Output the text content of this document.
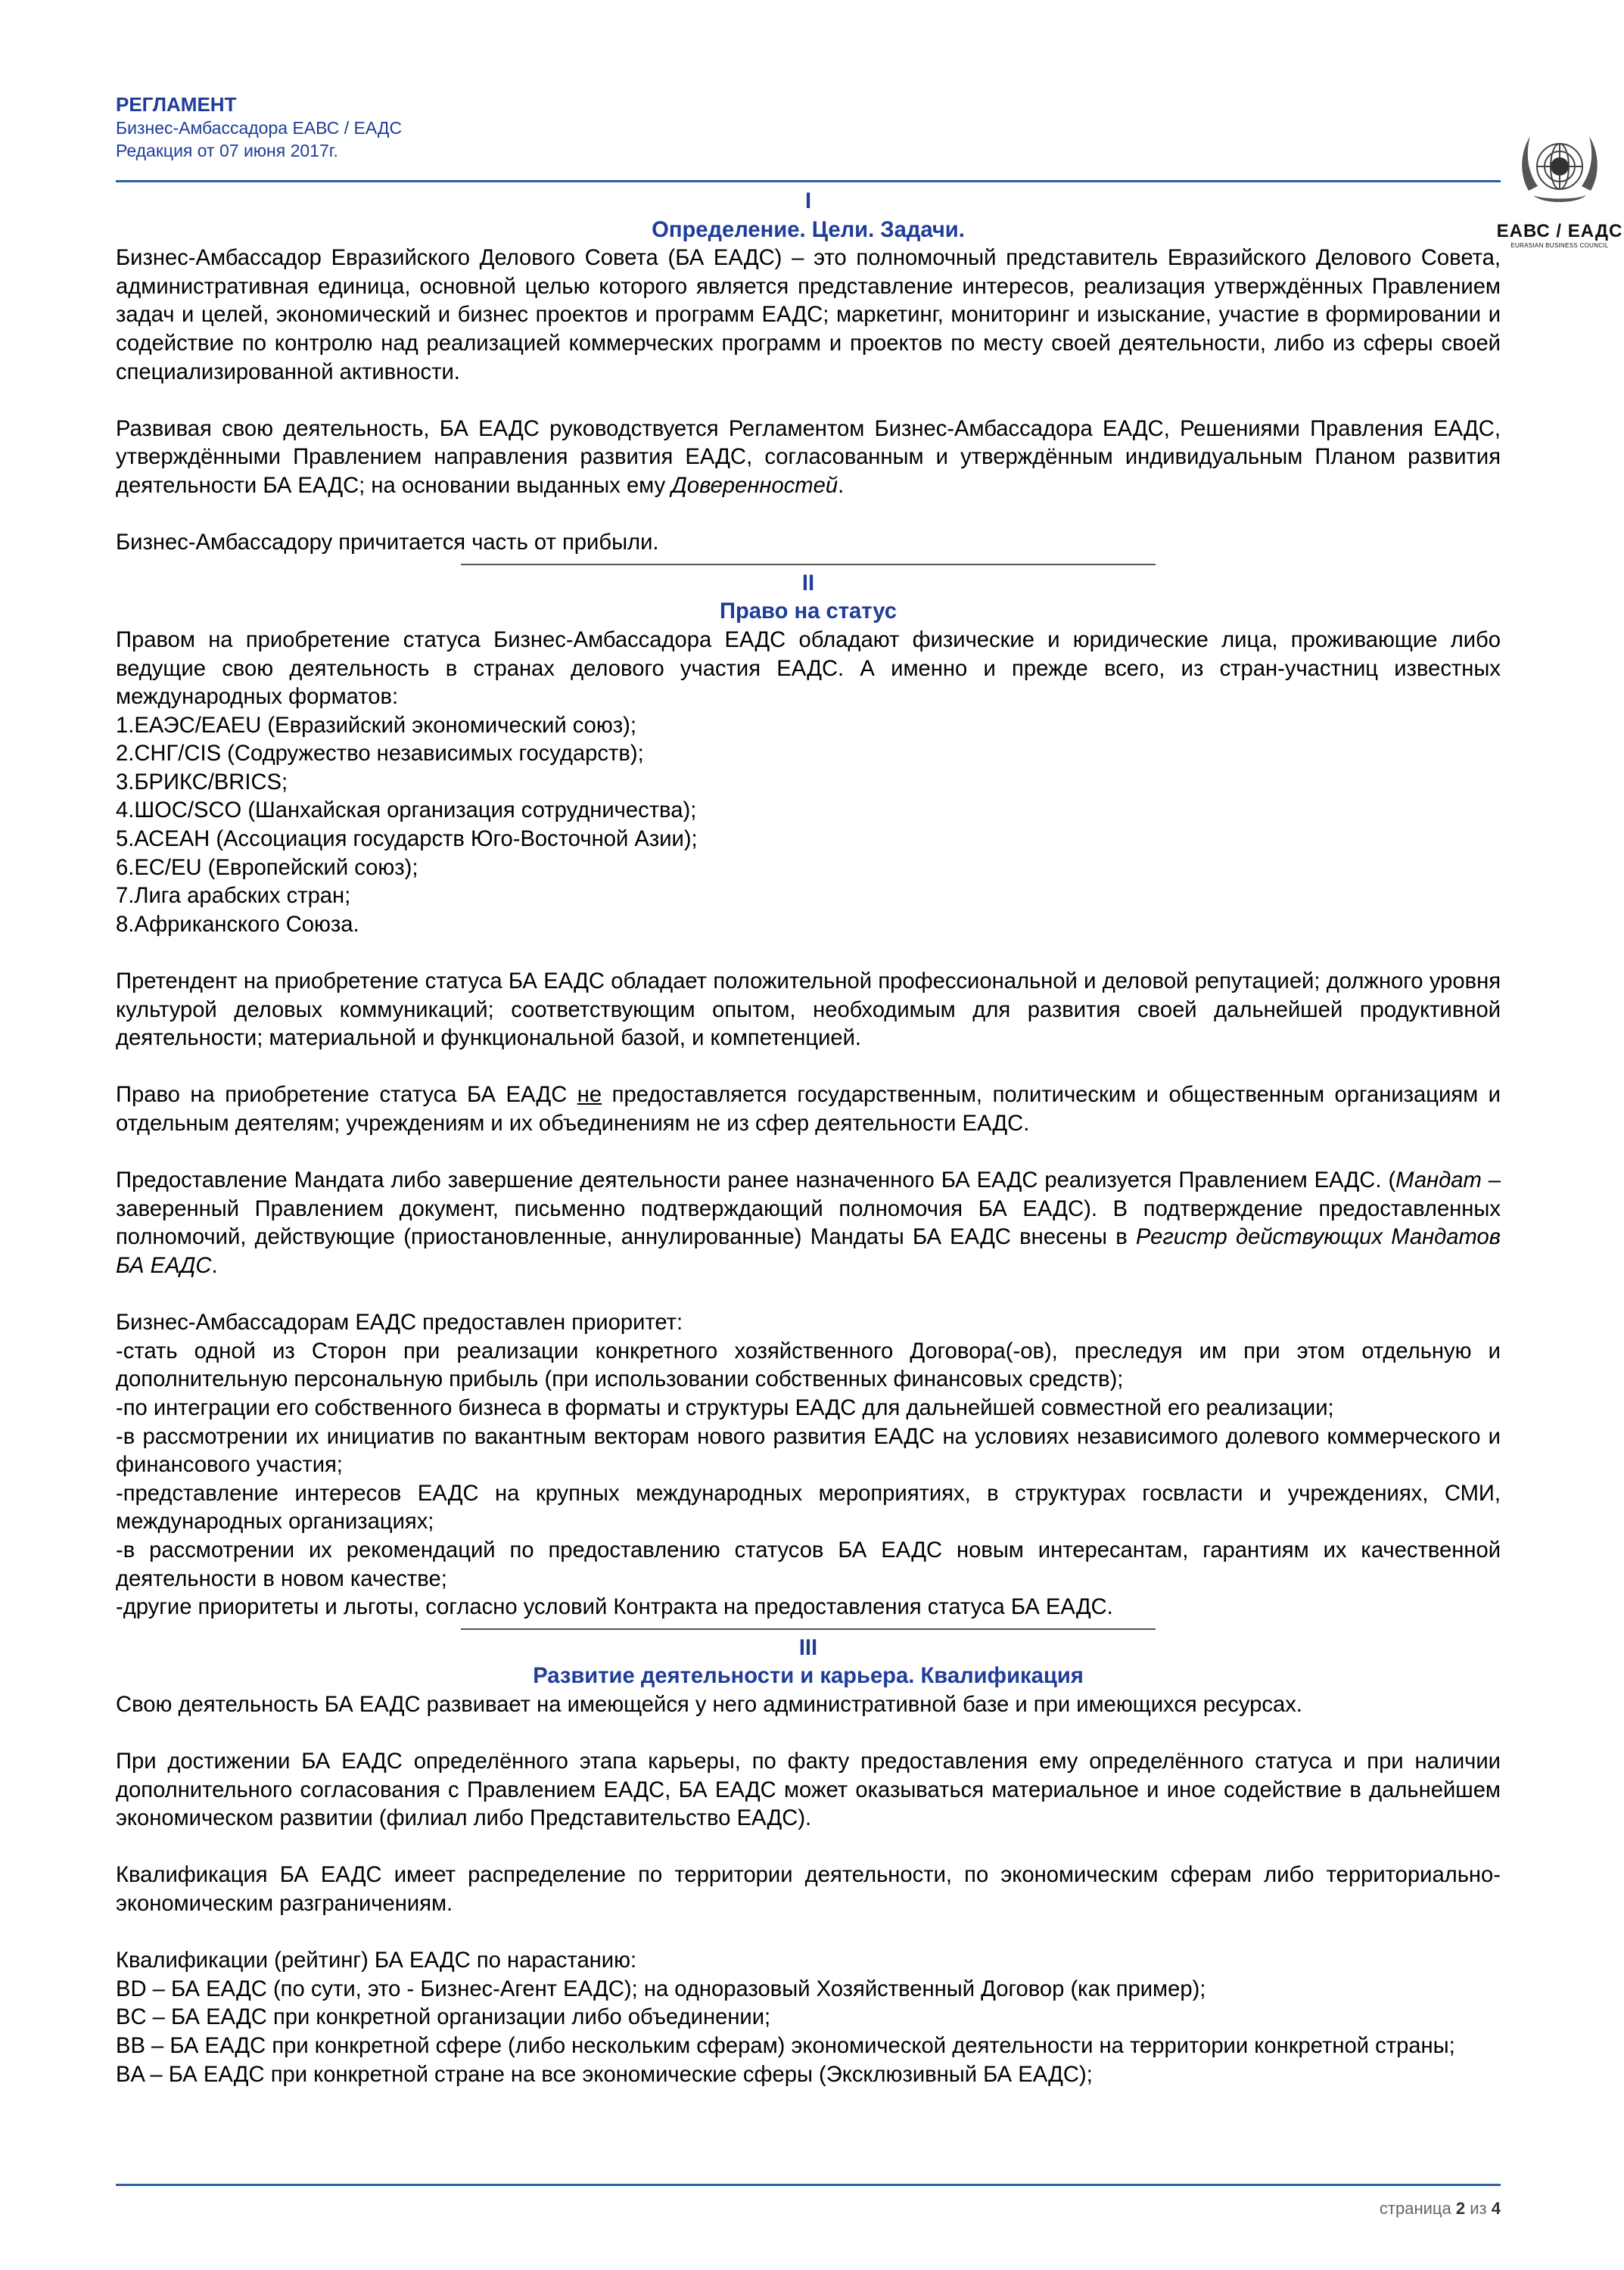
РЕГЛАМЕНТ
Бизнес-Амбассадора ЕАВС / ЕАДС
Редакция от 07 июня 2017г.
ЕАВС / ЕАДС
EURASIAN BUSINESS COUNCIL
I
Определение. Цели. Задачи.

Бизнес-Амбассадор Евразийского Делового Совета (БА ЕАДС) – это полномочный представитель Евразийского Делового Совета, административная единица, основной целью которого является представление интересов, реализация утверждённых Правлением задач и целей, экономический и бизнес проектов и программ ЕАДС; маркетинг, мониторинг и изыскание, участие в формировании и содействие по контролю над реализацией коммерческих программ и проектов по месту своей деятельности, либо из сферы своей специализированной активности.

Развивая свою деятельность, БА ЕАДС руководствуется Регламентом Бизнес-Амбассадора ЕАДС, Решениями Правления ЕАДС, утверждёнными Правлением направления развития ЕАДС, согласованным и утверждённым индивидуальным Планом развития деятельности БА ЕАДС; на основании выданных ему Доверенностей.

Бизнес-Амбассадору причитается часть от прибыли.

II
Право на статус

Правом на приобретение статуса Бизнес-Амбассадора ЕАДС обладают физические и юридические лица, проживающие либо ведущие свою деятельность в странах делового участия ЕАДС. А именно и прежде всего, из стран-участниц известных международных форматов:

1.ЕАЭС/EAEU (Евразийский экономический союз);
2.СНГ/CIS (Содружество независимых государств);
3.БРИКС/BRICS;
4.ШОС/SCO (Шанхайская организация сотрудничества);
5.АСЕАН (Ассоциация государств Юго-Восточной Азии);
6.ЕС/EU (Европейский союз);
7.Лига арабских стран;
8.Африканского Союза.

Претендент на приобретение статуса БА ЕАДС обладает положительной профессиональной и деловой репутацией; должного уровня культурой деловых коммуникаций; соответствующим опытом, необходимым для развития своей дальнейшей продуктивной деятельности; материальной и функциональной базой, и компетенцией.

Право на приобретение статуса БА ЕАДС не предоставляется государственным, политическим и общественным организациям и отдельным деятелям; учреждениям и их объединениям не из сфер деятельности ЕАДС.

Предоставление Мандата либо завершение деятельности ранее назначенного БА ЕАДС реализуется Правлением ЕАДС. (Мандат – заверенный Правлением документ, письменно подтверждающий полномочия БА ЕАДС). В подтверждение предоставленных полномочий, действующие (приостановленные, аннулированные) Мандаты БА ЕАДС внесены в Регистр действующих Мандатов БА ЕАДС.

Бизнес-Амбассадорам ЕАДС предоставлен приоритет:

-стать одной из Сторон при реализации конкретного хозяйственного Договора(-ов), преследуя им при этом отдельную и дополнительную персональную прибыль (при использовании собственных финансовых средств);

-по интеграции его собственного бизнеса в форматы и структуры ЕАДС для дальнейшей совместной его реализации;

-в рассмотрении их инициатив по вакантным векторам нового развития ЕАДС на условиях независимого долевого коммерческого и финансового участия;

-представление интересов ЕАДС на крупных международных мероприятиях, в структурах госвласти и учреждениях, СМИ, международных организациях;

-в рассмотрении их рекомендаций по предоставлению статусов БА ЕАДС новым интересантам, гарантиям их качественной деятельности в новом качестве;

-другие приоритеты и льготы, согласно условий Контракта на предоставления статуса БА ЕАДС.

III
Развитие деятельности и карьера. Квалификация

Свою деятельность БА ЕАДС развивает на имеющейся у него административной базе и при имеющихся ресурсах.

При достижении БА ЕАДС определённого этапа карьеры, по факту предоставления ему определённого статуса и при наличии дополнительного согласования с Правлением ЕАДС, БА ЕАДС может оказываться материальное и иное содействие в дальнейшем экономическом развитии (филиал либо Представительство ЕАДС).

Квалификация БА ЕАДС имеет распределение по территории деятельности, по экономическим сферам либо территориально-экономическим разграничениям.

Квалификации (рейтинг) БА ЕАДС по нарастанию:

BD – БА ЕАДС (по сути, это - Бизнес-Агент ЕАДС); на одноразовый Хозяйственный Договор (как пример);

BC – БА ЕАДС при конкретной организации либо объединении;

BB – БА ЕАДС при конкретной сфере (либо нескольким сферам) экономической деятельности на территории конкретной страны;

BA – БА ЕАДС при конкретной стране на все экономические сферы (Эксклюзивный БА ЕАДС);

страница 2 из 4
